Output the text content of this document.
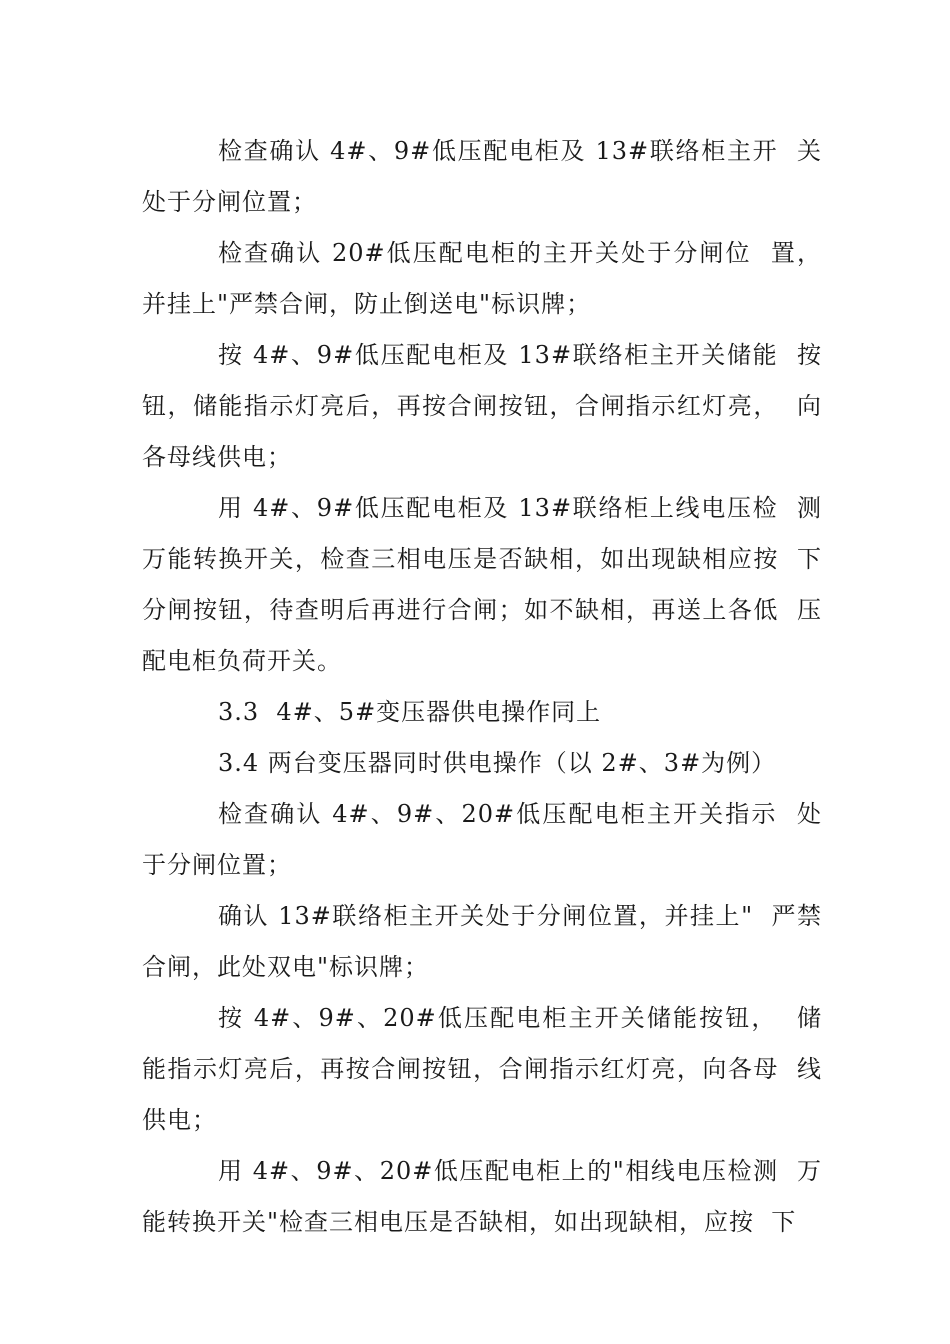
检查确认 4#、9#低压配电柜及 13#联络柜主开  关处于分闸位置；

检查确认 20#低压配电柜的主开关处于分闸位  置，并挂上"严禁合闸，防止倒送电"标识牌；

按 4#、9#低压配电柜及 13#联络柜主开关储能  按钮，储能指示灯亮后，再按合闸按钮，合闸指示红灯亮，  向各母线供电；

用 4#、9#低压配电柜及 13#联络柜上线电压检  测万能转换开关，检查三相电压是否缺相，如出现缺相应按  下分闸按钮，待查明后再进行合闸；如不缺相，再送上各低  压配电柜负荷开关。

3.3  4#、5#变压器供电操作同上

3.4 两台变压器同时供电操作（以 2#、3#为例）

检查确认 4#、9#、20#低压配电柜主开关指示  处于分闸位置；

确认 13#联络柜主开关处于分闸位置，并挂上"  严禁合闸，此处双电"标识牌；

按 4#、9#、20#低压配电柜主开关储能按钮，  储能指示灯亮后，再按合闸按钮，合闸指示红灯亮，向各母  线供电；

用 4#、9#、20#低压配电柜上的"相线电压检测  万能转换开关"检查三相电压是否缺相，如出现缺相，应按  下
